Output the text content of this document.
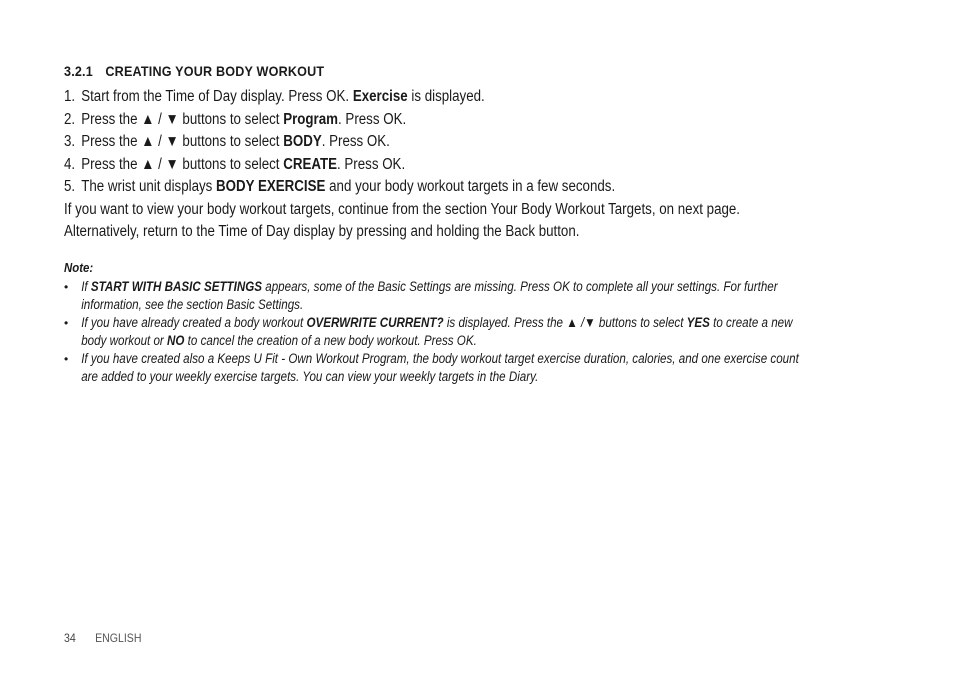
3.2.1 CREATING YOUR BODY WORKOUT
1. Start from the Time of Day display. Press OK. Exercise is displayed.
2. Press the ▲ / ▼ buttons to select Program. Press OK.
3. Press the ▲ / ▼ buttons to select BODY. Press OK.
4. Press the ▲ / ▼ buttons to select CREATE. Press OK.
5. The wrist unit displays BODY EXERCISE and your body workout targets in a few seconds.
If you want to view your body workout targets, continue from the section Your Body Workout Targets, on next page.
Alternatively, return to the Time of Day display by pressing and holding the Back button.
Note:
• If START WITH BASIC SETTINGS appears, some of the Basic Settings are missing. Press OK to complete all your settings. For further
information, see the section Basic Settings.
• If you have already created a body workout OVERWRITE CURRENT? is displayed. Press the ▲ /▼ buttons to select YES to create a new
body workout or NO to cancel the creation of a new body workout. Press OK.
• If you have created also a Keeps U Fit - Own Workout Program, the body workout target exercise duration, calories, and one exercise count
are added to your weekly exercise targets. You can view your weekly targets in the Diary.
34 ENGLISH
